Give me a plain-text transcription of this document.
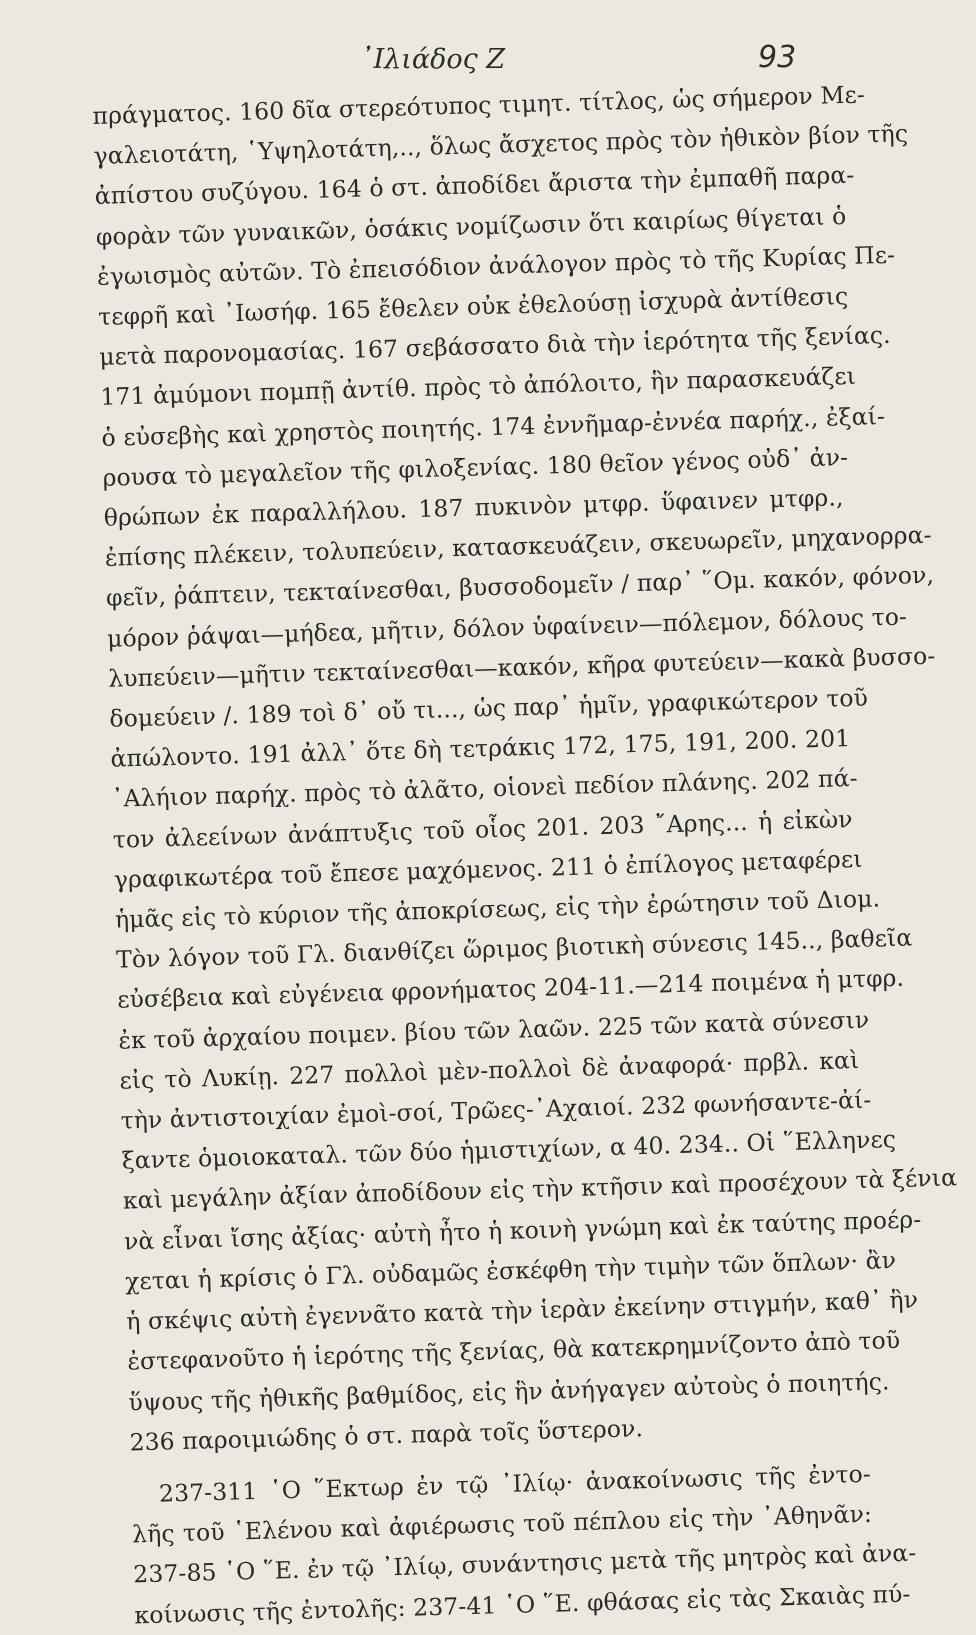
᾿Ιλιάδος Ζ	93
πράγματος. 160 δῖα στερεότυπος τιμητ. τίτλος, ὡς σήμερον Με-
γαλειοτάτη, ῾Υψηλοτάτη,.., ὅλως ἄσχετος πρὸς τὸν ἠθικὸν βίον τῆς
ἀπίστου συζύγου. 164 ὁ στ. ἀποδίδει ἄριστα τὴν ἐμπαθῆ παρα-
φορὰν τῶν γυναικῶν, ὁσάκις νομίζωσιν ὅτι καιρίως θίγεται ὁ
ἐγωισμὸς αὐτῶν. Τὸ ἐπεισόδιον ἀνάλογον πρὸς τὸ τῆς Κυρίας Πε-
τεφρῆ καὶ ᾿Ιωσήφ. 165 ἔθελεν οὐκ ἐθελούσῃ ἰσχυρὰ ἀντίθεσις
μετὰ παρονομασίας. 167 σεβάσσατο διὰ τὴν ἱερότητα τῆς ξενίας.
171 ἀμύμονι πομπῇ ἀντίθ. πρὸς τὸ ἀπόλοιτο, ἣν παρασκευάζει
ὁ εὐσεβὴς καὶ χρηστὸς ποιητής. 174 ἐννῆμαρ-ἐννέα παρήχ., ἐξαί-
ρουσα τὸ μεγαλεῖον τῆς φιλοξενίας. 180 θεῖον γένος οὐδ᾿ ἀν-
θρώπων ἐκ παραλλήλου. 187 πυκινὸν μτφρ. ὕφαινεν μτφρ.,
ἐπίσης πλέκειν, τολυπεύειν, κατασκευάζειν, σκευωρεῖν, μηχανορρα-
φεῖν, ῥάπτειν, τεκταίνεσθαι, βυσσοδομεῖν / παρ᾿ ῞Ομ. κακόν, φόνον,
μόρον ῥάψαι—μήδεα, μῆτιν, δόλον ὑφαίνειν—πόλεμον, δόλους το-
λυπεύειν—μῆτιν τεκταίνεσθαι—κακόν, κῆρα φυτεύειν—κακὰ βυσσο-
δομεύειν /. 189 τοὶ δ᾿ οὔ τι..., ὡς παρ᾿ ἡμῖν, γραφικώτερον τοῦ
ἀπώλοντο. 191 ἀλλ᾿ ὅτε δὴ τετράκις 172, 175, 191, 200. 201
᾿Αλήιον παρήχ. πρὸς τὸ ἀλᾶτο, οἱονεὶ πεδίον πλάνης. 202 πά-
τον ἀλεείνων ἀνάπτυξις τοῦ οἷος 201. 203 ῎Αρης... ἡ εἰκὼν
γραφικωτέρα τοῦ ἔπεσε μαχόμενος. 211 ὁ ἐπίλογος μεταφέρει
ἡμᾶς εἰς τὸ κύριον τῆς ἀποκρίσεως, εἰς τὴν ἐρώτησιν τοῦ Διομ.
Τὸν λόγον τοῦ Γλ. διανθίζει ὥριμος βιοτικὴ σύνεσις 145.., βαθεῖα
εὐσέβεια καὶ εὐγένεια φρονήματος 204-11.—214 ποιμένα ἡ μτφρ.
ἐκ τοῦ ἀρχαίου ποιμεν. βίου τῶν λαῶν. 225 τῶν κατὰ σύνεσιν
εἰς τὸ Λυκίῃ. 227 πολλοὶ μὲν-πολλοὶ δὲ ἀναφορά· πρβλ. καὶ
τὴν ἀντιστοιχίαν ἐμοὶ-σοί, Τρῶες-᾿Αχαιοί. 232 φωνήσαντε-ἀί-
ξαντε ὁμοιοκαταλ. τῶν δύο ἡμιστιχίων, α 40. 234.. Οἱ ῞Ελληνες
καὶ μεγάλην ἀξίαν ἀποδίδουν εἰς τὴν κτῆσιν καὶ προσέχουν τὰ ξένια
νὰ εἶναι ἴσης ἀξίας· αὐτὴ ἦτο ἡ κοινὴ γνώμη καὶ ἐκ ταύτης προέρ-
χεται ἡ κρίσις ὁ Γλ. οὐδαμῶς ἐσκέφθη τὴν τιμὴν τῶν ὅπλων· ἂν
ἡ σκέψις αὐτὴ ἐγεννᾶτο κατὰ τὴν ἱερὰν ἐκείνην στιγμήν, καθ᾿ ἣν
ἐστεφανοῦτο ἡ ἱερότης τῆς ξενίας, θὰ κατεκρημνίζοντο ἀπὸ τοῦ
ὕψους τῆς ἠθικῆς βαθμίδος, εἰς ἣν ἀνήγαγεν αὐτοὺς ὁ ποιητής.
236 παροιμιώδης ὁ στ. παρὰ τοῖς ὕστερον.
237-311 ῾Ο ῞Εκτωρ ἐν τῷ ᾿Ιλίῳ· ἀνακοίνωσις τῆς ἐντο-
λῆς τοῦ ῾Ελένου καὶ ἀφιέρωσις τοῦ πέπλου εἰς τὴν ᾿Αθηνᾶν:
237-85 ῾Ο ῞Ε. ἐν τῷ ᾿Ιλίῳ, συνάντησις μετὰ τῆς μητρὸς καὶ ἀνα-
κοίνωσις τῆς ἐντολῆς: 237-41 ῾Ο ῞Ε. φθάσας εἰς τὰς Σκαιὰς πύ-
